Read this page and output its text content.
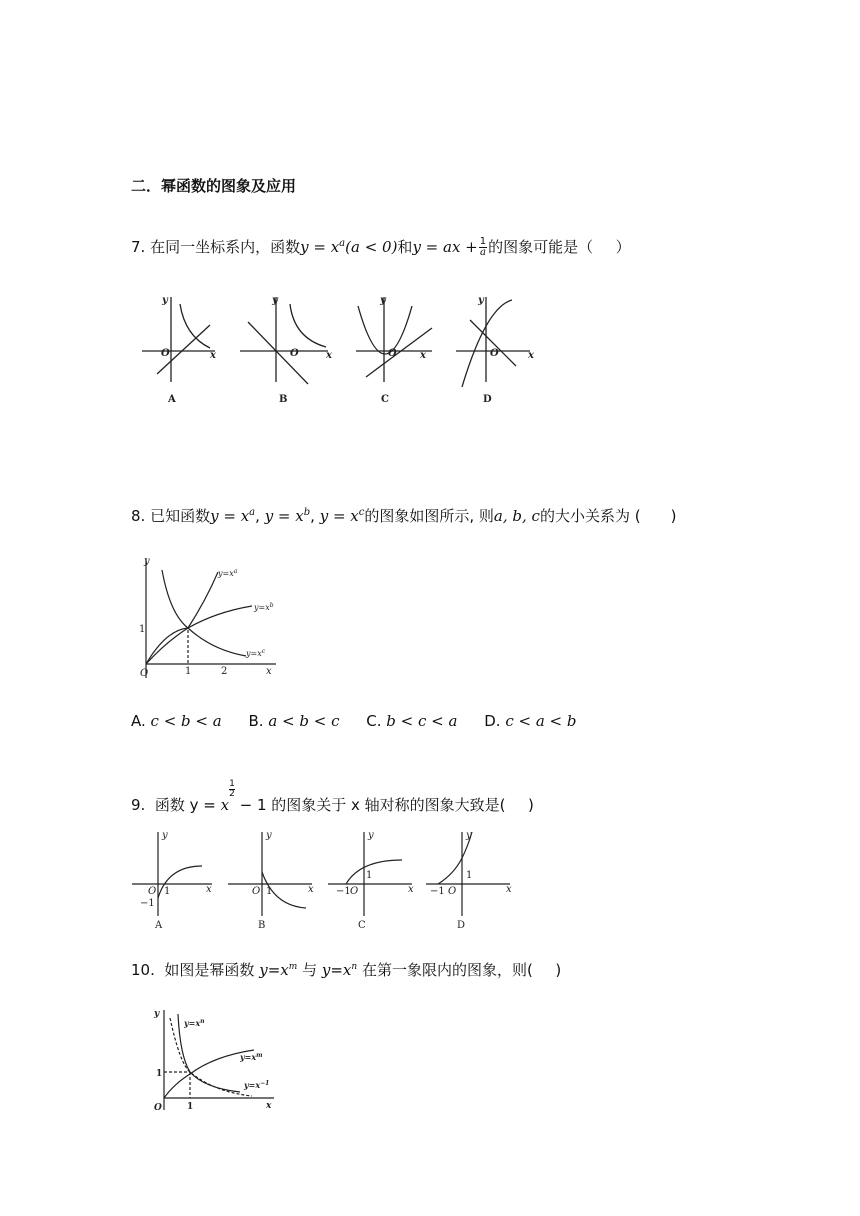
二．幂函数的图象及应用
7. 在同一坐标系内，函数$y = x^a(a < 0)$和y = ax + $\frac{1}{a}$ 的图象可能是（   ）
y
x
O
y
x
O
y
x
O
y
x
O
A	B	C	D
8. 已知函数$y = x^a$, $y = x^b$, $y = x^c$的图象如图所示, 则a, b, c的大小关系为 (   )
y
x
O
1
1	2
$y=x^a$
$y=x^b$
$y=x^c$
A. c < b < a B. a < b < c C. b < c < a D. c < a < b
9. 函数 y = x
$\frac{1}{2}$
− 1 的图象关于 x 轴对称的图象大致是(   )
y
x
O 1
−1
y
x
O 1
y
x
−1 O
1
y
x
−1 O
1
A	B	C	D
10. 如图是幂函数 $y=x^m$ 与 $y=x^n$ 在第一象限内的图象，则(   )
y
x
O
1
1
$y=x^n$
$y=x^m$
$y=x^{-1}$
